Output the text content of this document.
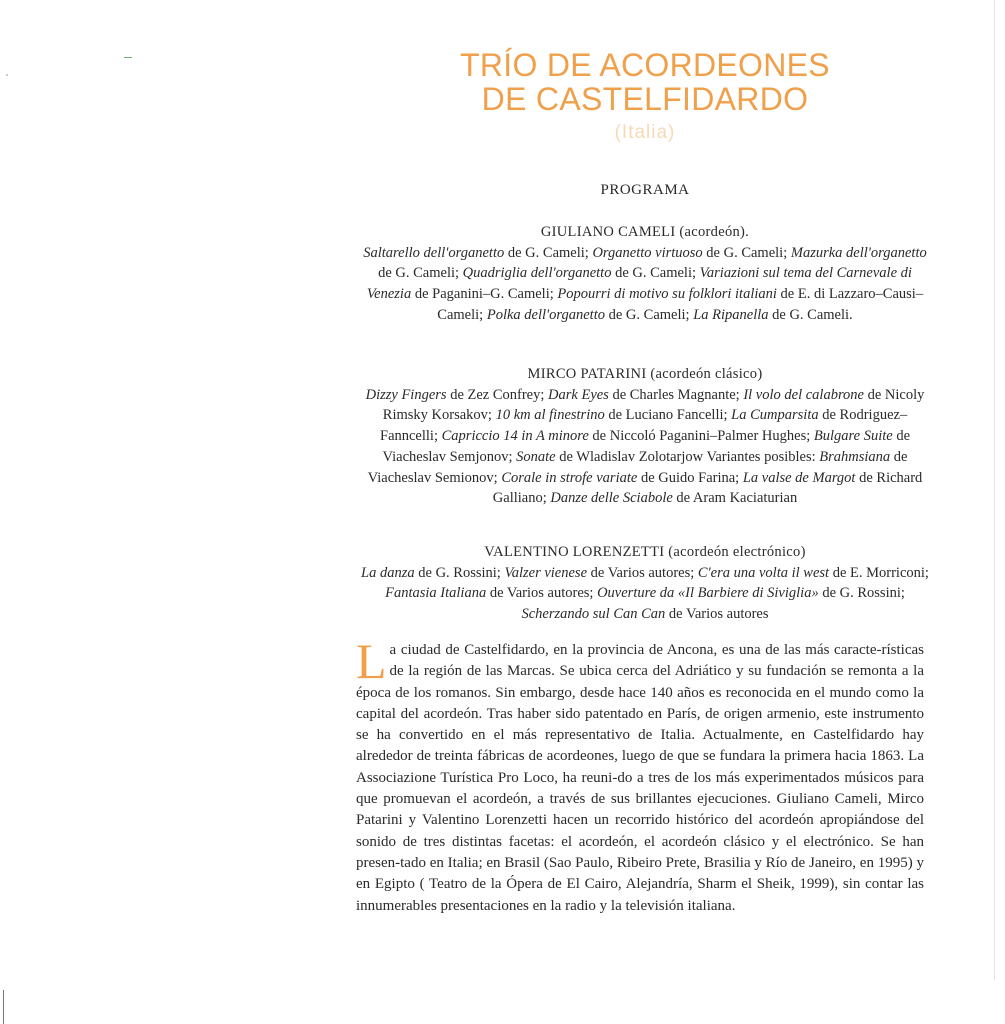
TRÍO DE ACORDEONES
DE CASTELFIDARDO
(Italia)
PROGRAMA
GIULIANO CAMELI (acordeón).

Saltarello dell'organetto de G. Cameli; Organetto virtuoso de G. Cameli; Mazurka dell'organetto de G. Cameli; Quadriglia dell'organetto de G. Cameli; Variazioni sul tema del Carnevale di Venezia de Paganini–G. Cameli; Popourri di motivo su folklori italiani de E. di Lazzaro–Causi–Cameli; Polka dell'organetto de G. Cameli; La Ripanella de G. Cameli.

MIRCO PATARINI (acordeón clásico)

Dizzy Fingers de Zez Confrey; Dark Eyes de Charles Magnante; Il volo del calabrone de Nicoly Rimsky Korsakov; 10 km al finestrino de Luciano Fancelli; La Cumparsita de Rodriguez–Fanncelli; Capriccio 14 in A minore de Niccoló Paganini–Palmer Hughes; Bulgare Suite de Viacheslav Semjonov; Sonate de Wladislav Zolotarjow Variantes posibles: Brahmsiana de Viacheslav Semionov; Corale in strofe variate de Guido Farina; La valse de Margot de Richard Galliano; Danze delle Sciabole de Aram Kaciaturian

VALENTINO LORENZETTI (acordeón electrónico)

La danza de G. Rossini; Valzer vienese de Varios autores; C'era una volta il west de E. Morriconi; Fantasia Italiana de Varios autores; Ouverture da «Il Barbiere di Siviglia» de G. Rossini; Scherzando sul Can Can de Varios autores

La ciudad de Castelfidardo, en la provincia de Ancona, es una de las más caracte-rísticas de la región de las Marcas. Se ubica cerca del Adriático y su fundación se remonta a la época de los romanos. Sin embargo, desde hace 140 años es reconocida en el mundo como la capital del acordeón. Tras haber sido patentado en París, de origen armenio, este instrumento se ha convertido en el más representativo de Italia. Actualmente, en Castelfidardo hay alrededor de treinta fábricas de acordeones, luego de que se fundara la primera hacia 1863. La Associazione Turística Pro Loco, ha reuni-do a tres de los más experimentados músicos para que promuevan el acordeón, a través de sus brillantes ejecuciones. Giuliano Cameli, Mirco Patarini y Valentino Lorenzetti hacen un recorrido histórico del acordeón apropiándose del sonido de tres distintas facetas: el acordeón, el acordeón clásico y el electrónico. Se han presen-tado en Italia; en Brasil (Sao Paulo, Ribeiro Prete, Brasilia y Río de Janeiro, en 1995) y en Egipto ( Teatro de la Ópera de El Cairo, Alejandría, Sharm el Sheik, 1999), sin contar las innumerables presentaciones en la radio y la televisión italiana.
